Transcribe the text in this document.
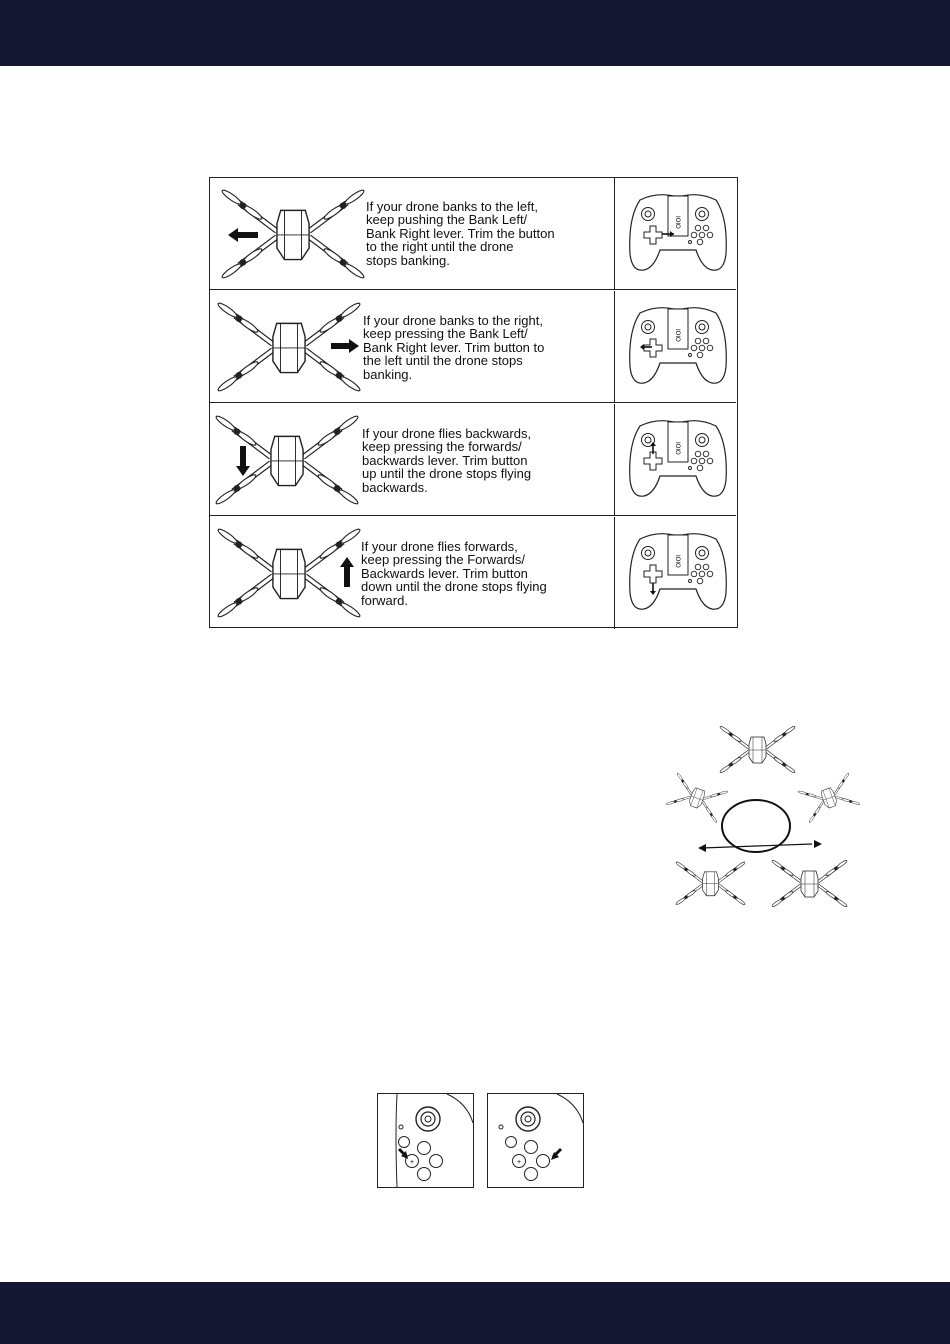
If your drone banks to the left,
keep pushing the Bank Left/
Bank Right lever. Trim the button
to the right until the drone
stops banking.
If your drone banks to the right,
keep pressing the Bank Left/
Bank Right lever. Trim button to
the left until the drone stops
banking.
If your drone flies backwards,
keep pressing the forwards/
backwards lever. Trim button
up until the drone stops flying
backwards.
If your drone flies forwards,
keep pressing the Forwards/
Backwards lever. Trim button
down until the drone stops flying
forward.
+	+
